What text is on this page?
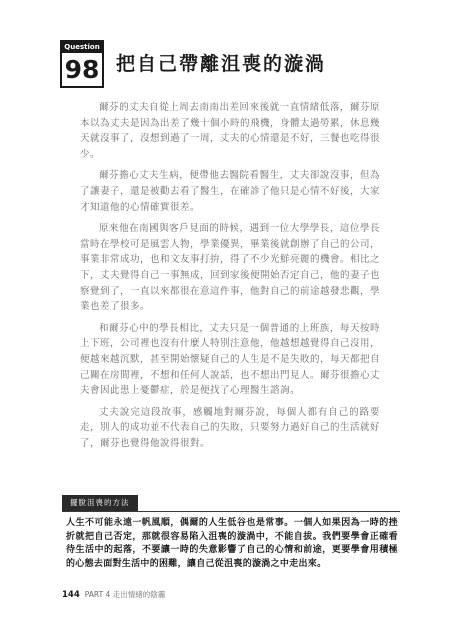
Question
98 把自己帶離沮喪的漩渦

爾芬的丈夫自從上周去南南出差回來後就一直情緒低落，爾芬原本以為丈夫是因為出差了幾十個小時的飛機，身體太過勞累，休息幾天就沒事了，沒想到過了一周，丈夫的心情還是不好，三餐也吃得很少。

爾芬擔心丈夫生病，便帶他去醫院看醫生，丈夫卻說沒事，但為了讓妻子，還是被勸去看了醫生，在確診了他只是心情不好後，大家才知道他的心情確實很差。

原來他在南國與客戶見面的時候，遇到一位大學學長，這位學長當時在學校可是風雲人物，學業優異，畢業後就創辦了自己的公司，事業非常成功，也和文友事打拚，得了不少光鮮亮麗的機會。相比之下，丈夫覺得自己一事無成，回到家後便開始否定自己，他的妻子也察覺到了，一直以來都很在意這件事，他對自己的前途越發悲觀，學業也差了很多。

和爾芬心中的學長相比，丈夫只是一個普通的上班族，每天按時上下班，公司裡也沒有什麼人特別注意他，他越想越覺得自己沒用，便越來越沉默，甚至開始懷疑自己的人生是不是失敗的，每天都把自己關在房間裡，不想和任何人說話，也不想出門見人。爾芬很擔心丈夫會因此患上憂鬱症，於是便找了心理醫生諮詢。

丈夫說完這段故事，感觸地對爾芬說，每個人都有自己的路要走，別人的成功並不代表自己的失敗，只要努力過好自己的生活就好了，爾芬也覺得他說得很對。

擺脫沮喪的方法
人生不可能永遠一帆風順，偶爾的人生低谷也是常事。一個人如果因為一時的挫折就把自己否定，那就很容易陷入沮喪的漩渦中，不能自拔。我們要學會正確看待生活中的起落，不要讓一時的失意影響了自己的心情和前途，更要學會用積極的心態去面對生活中的困難，讓自己從沮喪的漩渦之中走出來。
144 PART 4 走出情緒的陰霾
